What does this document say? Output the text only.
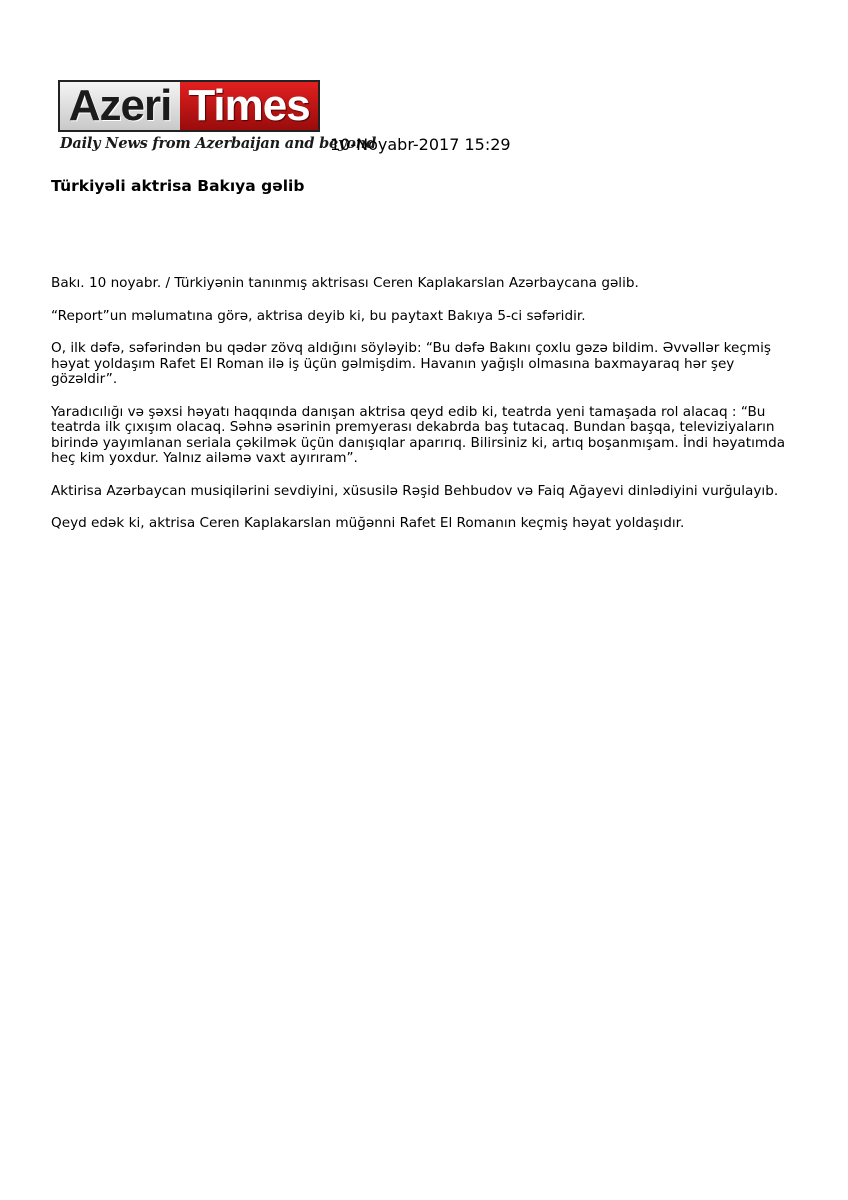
Azeri Times
Daily News from Azerbaijan and beyond
10-Noyabr-2017 15:29
Türkiyəli aktrisa Bakıya gəlib

Bakı. 10 noyabr. / Türkiyənin tanınmış aktrisası Ceren Kaplakarslan Azərbaycana gəlib.

“Report”un məlumatına görə, aktrisa deyib ki, bu paytaxt Bakıya 5-ci səfəridir.

O, ilk dəfə, səfərindən bu qədər zövq aldığını söyləyib: “Bu dəfə Bakını çoxlu gəzə bildim. Əvvəllər keçmiş həyat yoldaşım Rafet El Roman ilə iş üçün gəlmişdim. Havanın yağışlı olmasına baxmayaraq hər şey gözəldir”.

Yaradıcılığı və şəxsi həyatı haqqında danışan aktrisa qeyd edib ki, teatrda yeni tamaşada rol alacaq : “Bu teatrda ilk çıxışım olacaq. Səhnə əsərinin premyerası dekabrda baş tutacaq. Bundan başqa, televiziyaların birində yayımlanan seriala çəkilmək üçün danışıqlar aparırıq. Bilirsiniz ki, artıq boşanmışam. İndi həyatımda heç kim yoxdur. Yalnız ailəmə vaxt ayırıram”.

Aktirisa Azərbaycan musiqilərini sevdiyini, xüsusilə Rəşid Behbudov və Faiq Ağayevi dinlədiyini vurğulayıb.

Qeyd edək ki, aktrisa Ceren Kaplakarslan müğənni Rafet El Romanın keçmiş həyat yoldaşıdır.
